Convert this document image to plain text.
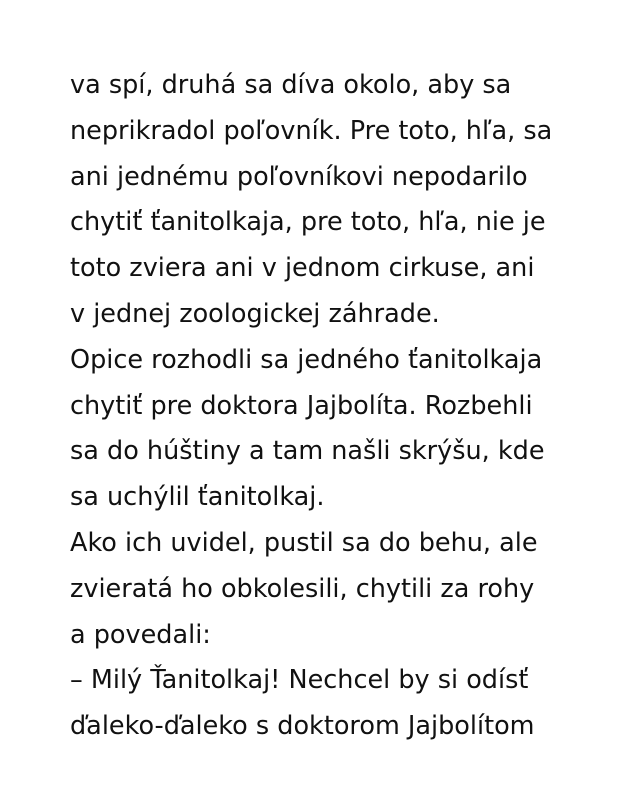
va spí, druhá sa díva okolo, aby sa
neprikradol poľovník. Pre toto, hľa, sa
ani jednému poľovníkovi nepodarilo
chytiť ťanitolkaja, pre toto, hľa, nie je
toto zviera ani v jednom cirkuse, ani
v jednej zoologickej záhrade.
Opice rozhodli sa jedného ťanitolkaja
chytiť pre doktora Jajbolíta. Rozbehli
sa do húštiny a tam našli skrýšu, kde
sa uchýlil ťanitolkaj.
Ako ich uvidel, pustil sa do behu, ale
zvieratá ho obkolesili, chytili za rohy
a povedali:
– Milý Ťanitolkaj! Nechcel by si odísť
ďaleko-ďaleko s doktorom Jajbolítom
